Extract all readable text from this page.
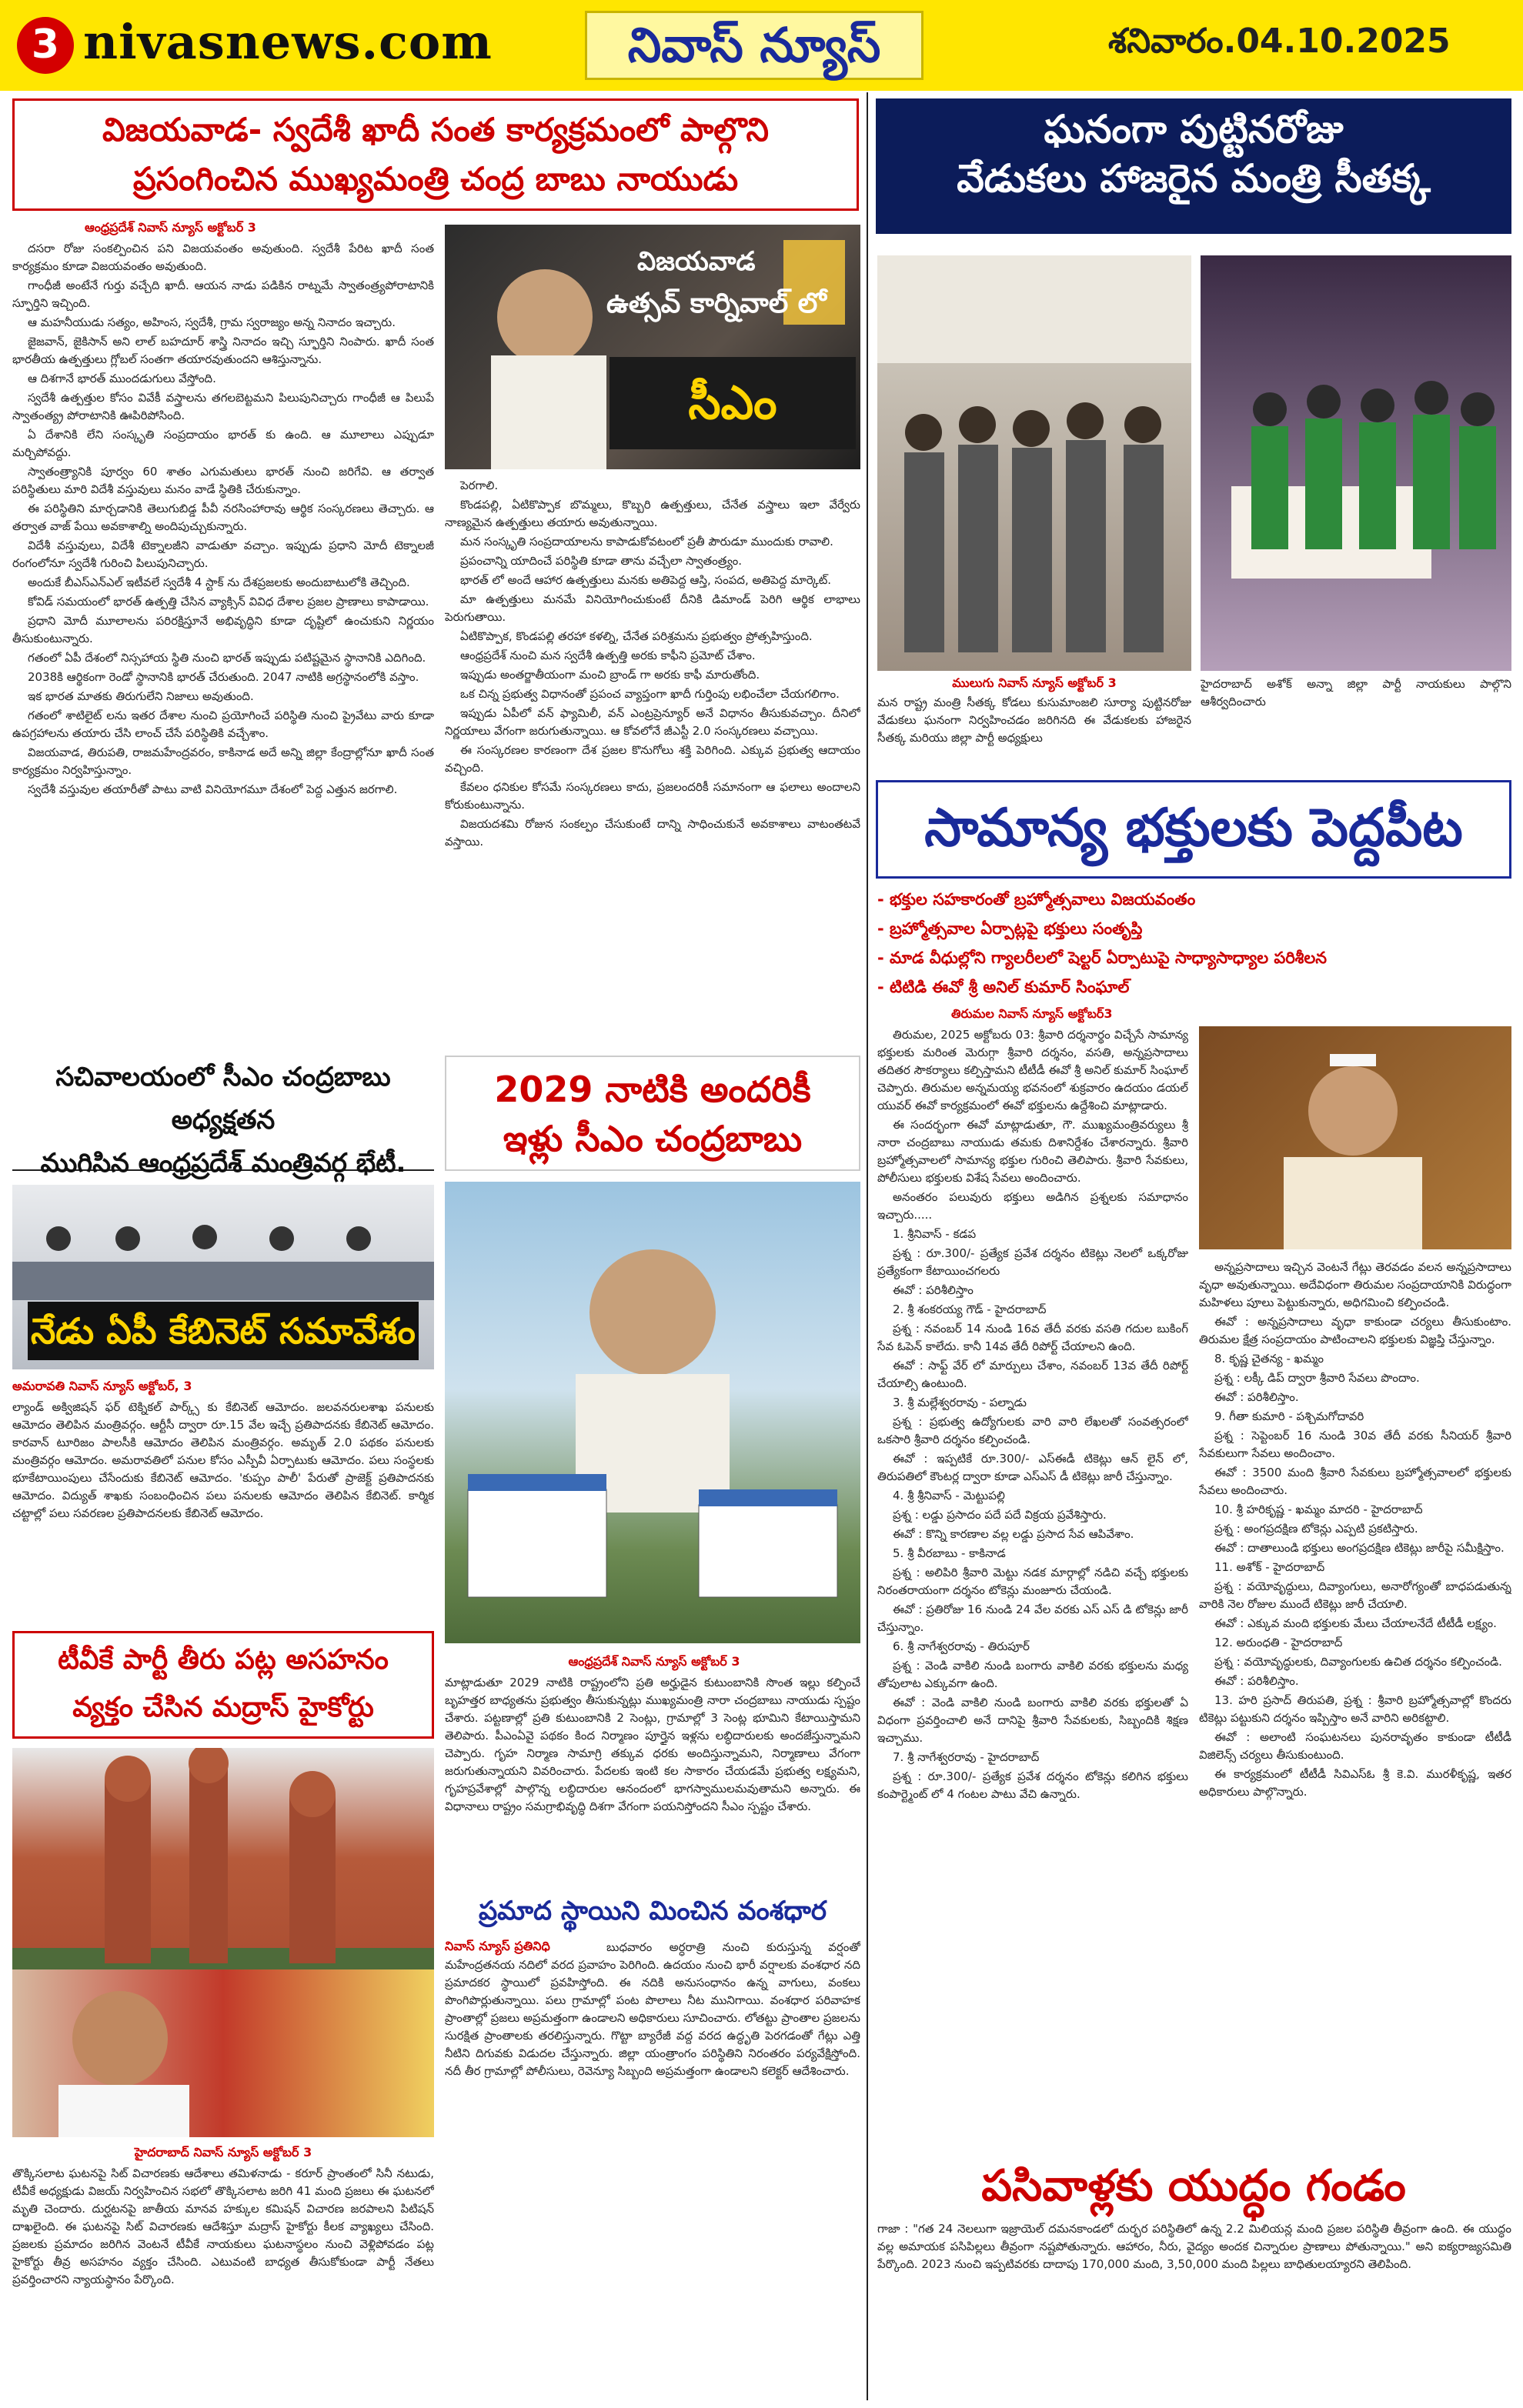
3 nivasnews.com	నివాస్ న్యూస్	శనివారం.04.10.2025
విజయవాడ- స్వదేశీ ఖాదీ సంత కార్యక్రమంలో పాల్గొని
ప్రసంగించిన ముఖ్యమంత్రి చంద్ర బాబు నాయుడు
ఆంధ్రప్రదేశ్ నివాస్ న్యూస్ అక్టోబర్ 3

దసరా రోజు సంకల్పించిన పని విజయవంతం అవుతుంది. స్వదేశీ పేరిట ఖాదీ సంత కార్యక్రమం కూడా విజయవంతం అవుతుంది.

గాంధీజీ అంటేనే గుర్తు వచ్చేది ఖాదీ. ఆయన నాడు పడికిన రాట్నమే స్వాతంత్ర్యపోరాటానికి స్ఫూర్తిని ఇచ్చింది.

ఆ మహనీయుడు సత్యం, అహింస, స్వదేశీ, గ్రామ స్వరాజ్యం అన్న నినాదం ఇచ్చారు.

జైజవాన్, జైకిసాన్ అని లాల్ బహదూర్ శాస్త్రి నినాదం ఇచ్చి స్ఫూర్తిని నింపారు. ఖాదీ సంత భారతీయ ఉత్పత్తులు గ్లోబల్ సంతగా తయారవుతుందని ఆశిస్తున్నాను.

ఆ దిశగానే భారత్ ముందడుగులు వేస్తోంది.

స్వదేశీ ఉత్పత్తుల కోసం వివేకీ వస్త్రాలను తగలబెట్టమని పిలుపునిచ్చారు గాంధీజీ ఆ పిలుపే స్వాతంత్య్ర పోరాటానికి ఊపిరిపోసింది.

ఏ దేశానికి లేని సంస్కృతి సంప్రదాయం భారత్ కు ఉంది. ఆ మూలాలు ఎప్పుడూ మర్చిపోవద్దు.

స్వాతంత్ర్యానికి పూర్వం 60 శాతం ఎగుమతులు భారత్ నుంచి జరిగేవి. ఆ తర్వాత పరిస్థితులు మారి విదేశీ వస్తువులు మనం వాడే స్థితికి చేరుకున్నాం.

ఈ పరిస్థితిని మార్చడానికి తెలుగుబిడ్డ పీవీ నరసింహారావు ఆర్థిక సంస్కరణలు తెచ్చారు. ఆ తర్వాత వాజ్ పేయి అవకాశాల్ని అందిపుచ్చుకున్నారు.

విదేశీ వస్తువులు, విదేశీ టెక్నాలజీని వాడుతూ వచ్చాం. ఇప్పుడు ప్రధాని మోదీ టెక్నాలజీ రంగంలోనూ స్వదేశీ గురించి పిలుపునిచ్చారు.

అందుకే బీఎస్ఎన్ఎల్ ఇటీవలే స్వదేశీ 4 స్టాక్ ను దేశప్రజలకు అందుబాటులోకి తెచ్చింది.

కోవిడ్ సమయంలో భారత్ ఉత్పత్తి చేసిన వ్యాక్సిన్ వివిధ దేశాల ప్రజల ప్రాణాలు కాపాడాయి.

ప్రధాని మోదీ మూలాలను పరిరక్షిస్తూనే అభివృద్ధిని కూడా దృష్టిలో ఉంచుకుని నిర్ణయం తీసుకుంటున్నారు.

గతంలో ఏపీ దేశంలో నిస్సహాయ స్థితి నుంచి భారత్ ఇప్పుడు పటిష్టమైన స్థానానికి ఎదిగింది.

2038కి ఆర్థికంగా రెండో స్థానానికి భారత్ చేరుతుంది. 2047 నాటికి అగ్రస్థానంలోకి వస్తాం.

ఇక భారత మాతకు తిరుగులేని నిజాలు అవుతుంది.

గతంలో శాటిలైట్ లను ఇతర దేశాల నుంచి ప్రయోగించే పరిస్థితి నుంచి ప్రైవేటు వారు కూడా ఉపగ్రహాలను తయారు చేసి లాంచ్ చేసే పరిస్థితికి వచ్చేశాం.

విజయవాడ, తిరుపతి, రాజమహేంద్రవరం, కాకినాడ అదే అన్ని జిల్లా కేంద్రాల్లోనూ ఖాదీ సంత కార్యక్రమం నిర్వహిస్తున్నాం.

స్వదేశీ వస్తువుల తయారీతో పాటు వాటి వినియోగమూ దేశంలో పెద్ద ఎత్తున జరగాలి.

విజయవాడ
ఉత్సవ్ కార్నివాల్ లో
సీఎం

పెరగాలి.

కొండపల్లి, ఏటికొప్పాక బొమ్మలు, కొబ్బరి ఉత్పత్తులు, చేనేత వస్త్రాలు ఇలా వేర్వేరు నాణ్యమైన ఉత్పత్తులు తయారు అవుతున్నాయి.

మన సంస్కృతి సంప్రదాయాలను కాపాడుకోవటంలో ప్రతీ పౌరుడూ ముందుకు రావాలి.

ప్రపంచాన్ని యాదించే పరిస్థితి కూడా తాను వచ్చేలా స్వాతంత్ర్యం.

భారత్ లో అందే ఆహార ఉత్పత్తులు మనకు అతిపెద్ద ఆస్తి, సంపద, అతిపెద్ద మార్కెట్.

మా ఉత్పత్తులు మనమే వినియోగించుకుంటే దీనికి డిమాండ్ పెరిగి ఆర్థిక లాభాలు పెరుగుతాయి.

ఏటికొప్పాక, కొండపల్లి తరహా కళల్ని, చేనేత పరిశ్రమను ప్రభుత్వం ప్రోత్సహిస్తుంది.

ఆంధ్రప్రదేశ్ నుంచి మన స్వదేశీ ఉత్పత్తి అరకు కాఫీని ప్రమోట్ చేశాం.

ఇప్పుడు అంతర్జాతీయంగా మంచి బ్రాండ్ గా అరకు కాఫీ మారుతోంది.

ఒక చిన్న ప్రభుత్వ విధానంతో ప్రపంచ వ్యాప్తంగా ఖాదీ గుర్తింపు లభించేలా చేయగలిగాం.

ఇప్పుడు ఏపీలో వన్ ఫ్యామిలీ, వన్ ఎంట్రప్రెన్యూర్ అనే విధానం తీసుకువచ్చాం. దీనిలో నిర్ణయాలు వేగంగా జరుగుతున్నాయి. ఆ కోవలోనే జీఎస్టీ 2.0 సంస్కరణలు వచ్చాయి.

ఈ సంస్కరణల కారణంగా దేశ ప్రజల కొనుగోలు శక్తి పెరిగింది. ఎక్కువ ప్రభుత్వ ఆదాయం వచ్చింది.

కేవలం ధనికుల కోసమే సంస్కరణలు కాదు, ప్రజలందరికీ సమానంగా ఆ ఫలాలు అందాలని కోరుకుంటున్నాను.

విజయదశమి రోజున సంకల్పం చేసుకుంటే దాన్ని సాధించుకునే అవకాశాలు వాటంతటవే వస్తాయి.

ఘనంగా పుట్టినరోజు
వేడుకలు హాజరైన మంత్రి సీతక్క
ములుగు నివాస్ న్యూస్ అక్టోబర్ 3
మన రాష్ట్ర మంత్రి సీతక్క కోడలు కుసుమాంజలి సూర్యా పుట్టినరోజు వేడుకలు ఘనంగా నిర్వహించడం జరిగినది ఈ వేడుకలకు హాజరైన సీతక్క మరియు జిల్లా పార్టీ అధ్యక్షులు
హైదరాబాద్ అశోక్ అన్నా జిల్లా పార్టీ నాయకులు పాల్గొని ఆశీర్వదించారు
సామాన్య భక్తులకు పెద్దపీట
- భక్తుల సహకారంతో బ్రహ్మోత్సవాలు విజయవంతం
- బ్రహ్మోత్సవాల ఏర్పాట్లపై భక్తులు సంతృప్తి
- మాడ వీధుల్లోని గ్యాలరీలలో షెల్టర్ ఏర్పాటుపై సాధ్యాసాధ్యాల పరిశీలన
- టిటిడి ఈవో శ్రీ అనిల్ కుమార్ సింఘాల్
తిరుమల నివాస్ న్యూస్ అక్టోబర్3

తిరుమల, 2025 అక్టోబరు 03: శ్రీవారి దర్శనార్థం విచ్చేసే సామాన్య భక్తులకు మరింత మెరుగ్గా శ్రీవారి దర్శనం, వసతి, అన్నప్రసాదాలు తదితర సౌకర్యాలు కల్పిస్తామని టీటీడీ ఈవో శ్రీ అనిల్ కుమార్ సింఘాల్ చెప్పారు. తిరుమల అన్నమయ్య భవనంలో శుక్రవారం ఉదయం డయల్ యువర్ ఈవో కార్యక్రమంలో ఈవో భక్తులను ఉద్దేశించి మాట్లాడారు.

ఈ సందర్భంగా ఈవో మాట్లాడుతూ, గౌ. ముఖ్యమంత్రివర్యులు శ్రీ నారా చంద్రబాబు నాయుడు తమకు దిశానిర్దేశం చేశారన్నారు. శ్రీవారి బ్రహ్మోత్సవాలలో సామాన్య భక్తుల గురించి తెలిపారు. శ్రీవారి సేవకులు, పోలీసులు భక్తులకు విశేష సేవలు అందించారు.

అనంతరం పలువురు భక్తులు అడిగిన ప్రశ్నలకు సమాధానం ఇచ్చారు.....

1. శ్రీనివాస్ - కడప

ప్రశ్న : రూ.300/- ప్రత్యేక ప్రవేశ దర్శనం టికెట్లు నెలలో ఒక్కరోజు ప్రత్యేకంగా కేటాయించగలరు

ఈవో : పరిశీలిస్తాం

2. శ్రీ శంకరయ్య గౌడ్ - హైదరాబాద్

ప్రశ్న : నవంబర్ 14 నుండి 16వ తేదీ వరకు వసతి గదుల బుకింగ్ సేవ ఓపెన్ కాలేదు. కానీ 14వ తేదీ రిపోర్ట్ చేయాలని ఉంది.

ఈవో : సాఫ్ట్ వేర్ లో మార్పులు చేశాం, నవంబర్ 13వ తేదీ రిపోర్ట్ చేయాల్సి ఉంటుంది.

3. శ్రీ మల్లేశ్వరరావు - పల్నాడు

ప్రశ్న : ప్రభుత్వ ఉద్యోగులకు వారి వారి లేఖలతో సంవత్సరంలో ఒకసారి శ్రీవారి దర్శనం కల్పించండి.

ఈవో : ఇప్పటికే రూ.300/- ఎస్ఈడీ టికెట్లు ఆన్ లైన్ లో, తిరుపతిలో కౌంటర్ల ద్వారా కూడా ఎస్ఎస్ డీ టికెట్లు జారీ చేస్తున్నాం.

4. శ్రీ శ్రీనివాస్ - మెట్టుపల్లి

ప్రశ్న : లడ్డు ప్రసాదం పదే పదే విక్రయ ప్రవేశిస్తారు.

ఈవో : కొన్ని కారణాల వల్ల లడ్డు ప్రసాద సేవ ఆపివేశాం.

5. శ్రీ వీరబాబు - కాకినాడ

ప్రశ్న : అలిపిరి శ్రీవారి మెట్టు నడక మార్గాల్లో నడిచి వచ్చే భక్తులకు నిరంతరాయంగా దర్శనం టోకెన్లు మంజూరు చేయండి.

ఈవో : ప్రతిరోజు 16 నుండి 24 వేల వరకు ఎస్ ఎస్ డి టోకెన్లు జారీ చేస్తున్నాం.

6. శ్రీ నాగేశ్వరరావు - తిరుపూర్

ప్రశ్న : వెండి వాకిలి నుండి బంగారు వాకిలి వరకు భక్తులను మధ్య తోపులాట ఎక్కువగా ఉంది.

ఈవో : వెండి వాకిలి నుండి బంగారు వాకిలి వరకు భక్తులతో ఏ విధంగా ప్రవర్తించాలి అనే దానిపై శ్రీవారి సేవకులకు, సిబ్బందికి శిక్షణ ఇచ్చాము.

7. శ్రీ నాగేశ్వరరావు - హైదరాబాద్

ప్రశ్న : రూ.300/- ప్రత్యేక ప్రవేశ దర్శనం టోకెన్లు కలిగిన భక్తులు కంపార్ట్మెంట్ లో 4 గంటల పాటు వేచి ఉన్నారు.

అన్నప్రసాదాలు ఇచ్చిన వెంటనే గేట్లు తెరవడం వలన అన్నప్రసాదాలు వృధా అవుతున్నాయి. అదేవిధంగా తిరుమల సంప్రదాయానికి విరుద్ధంగా మహిళలు పూలు పెట్టుకున్నారు, అధిగమించి కల్పించండి.

ఈవో : అన్నప్రసాదాలు వృధా కాకుండా చర్యలు తీసుకుంటాం. తిరుమల క్షేత్ర సంప్రదాయం పాటించాలని భక్తులకు విజ్ఞప్తి చేస్తున్నాం.

8. కృష్ణ చైతన్య - ఖమ్మం

ప్రశ్న : లక్కీ డిప్ ద్వారా శ్రీవారి సేవలు పొందాం.

ఈవో : పరిశీలిస్తాం.

9. గీతా కుమారి - పశ్చిమగోదావరి

ప్రశ్న : సెప్టెంబర్ 16 నుండి 30వ తేదీ వరకు సీనియర్ శ్రీవారి సేవకులుగా సేవలు అందించాం.

ఈవో : 3500 మంది శ్రీవారి సేవకులు బ్రహ్మోత్సవాలలో భక్తులకు సేవలు అందించారు.

10. శ్రీ హరికృష్ణ - ఖమ్మం మాదరి - హైదరాబాద్

ప్రశ్న : అంగప్రదక్షిణ టోకెన్లు ఎప్పటి ప్రకటిస్తారు.

ఈవో : దాతాలుండి భక్తులు అంగప్రదక్షిణ టికెట్లు జారీపై సమీక్షిస్తాం.

11. అశోక్ - హైదరాబాద్

ప్రశ్న : వయోవృద్ధులు, దివ్యాంగులు, అనారోగ్యంతో బాధపడుతున్న వారికి నెల రోజుల ముందే టికెట్లు జారీ చేయాలి.

ఈవో : ఎక్కువ మంది భక్తులకు మేలు చేయాలనేదే టీటీడీ లక్ష్యం.

12. అరుంధతి - హైదరాబాద్

ప్రశ్న : వయోవృద్ధులకు, దివ్యాంగులకు ఉచిత దర్శనం కల్పించండి.

ఈవో : పరిశీలిస్తాం.

13. హరి ప్రసాద్ తిరుపతి, ప్రశ్న : శ్రీవారి బ్రహ్మోత్సవాల్లో కొందరు టికెట్లు పట్టుకుని దర్శనం ఇప్పిస్తాం అనే వారిని అరికట్టాలి.

ఈవో : అలాంటి సంఘటనలు పునరావృతం కాకుండా టీటీడీ విజిలెన్స్ చర్యలు తీసుకుంటుంది.

ఈ కార్యక్రమంలో టీటీడీ సివిఎస్ఓ శ్రీ కె.వి. మురళీకృష్ణ, ఇతర అధికారులు పాల్గొన్నారు.

పసివాళ్లకు యుద్ధం గండం
గాజా : "గత 24 నెలలుగా ఇజ్రాయెల్ దమనకాండలో దుర్భర పరిస్థితిలో ఉన్న 2.2 మిలియన్ల మంది ప్రజల పరిస్థితి తీవ్రంగా ఉంది. ఈ యుద్ధం వల్ల అమాయక పసిపిల్లలు తీవ్రంగా నష్టపోతున్నారు. ఆహారం, నీరు, వైద్యం అందక చిన్నారుల ప్రాణాలు పోతున్నాయి." అని ఐక్యరాజ్యసమితి పేర్కొంది. 2023 నుంచి ఇప్పటివరకు దాదాపు 170,000 మంది, 3,50,000 మంది పిల్లలు బాధితులయ్యారని తెలిపింది.
సచివాలయంలో సీఎం చంద్రబాబు అధ్యక్షతన
ముగిసిన ఆంధ్రప్రదేశ్ మంత్రివర్గ భేటీ.
నేడు ఏపీ కేబినెట్ సమావేశం
అమరావతి నివాస్ న్యూస్ అక్టోబర్, 3
ల్యాండ్ అక్విజిషన్ ఫర్ టెక్నికల్ పార్క్స్ కు కేబినెట్ ఆమోదం. జలవనరులశాఖ పనులకు ఆమోదం తెలిపిన మంత్రివర్గం. ఆర్టీసీ ద్వారా రూ.15 వేల ఇచ్చే ప్రతిపాదనకు కేబినెట్ ఆమోదం. కారవాన్ టూరిజం పాలసీకి ఆమోదం తెలిపిన మంత్రివర్గం. అమృత్ 2.0 పథకం పనులకు మంత్రివర్గం ఆమోదం. అమరావతిలో పనుల కోసం ఎస్పీవీ ఏర్పాటుకు ఆమోదం. పలు సంస్థలకు భూకేటాయింపులు చేసేందుకు కేబినెట్ ఆమోదం. 'కుప్పం పాలీ' పేరుతో ప్రాజెక్ట్ ప్రతిపాదనకు ఆమోదం. విద్యుత్ శాఖకు సంబంధించిన పలు పనులకు ఆమోదం తెలిపిన కేబినెట్. కార్మిక చట్టాల్లో పలు సవరణల ప్రతిపాదనలకు కేబినెట్ ఆమోదం.
2029 నాటికి అందరికీ
ఇళ్లు సీఎం చంద్రబాబు
ఆంధ్రప్రదేశ్ నివాస్ న్యూస్ అక్టోబర్ 3
మాట్లాడుతూ 2029 నాటికి రాష్ట్రంలోని ప్రతి అర్హుడైన కుటుంబానికి సొంత ఇల్లు కల్పించే బృహత్తర బాధ్యతను ప్రభుత్వం తీసుకున్నట్లు ముఖ్యమంత్రి నారా చంద్రబాబు నాయుడు స్పష్టం చేశారు. పట్టణాల్లో ప్రతి కుటుంబానికి 2 సెంట్లు, గ్రామాల్లో 3 సెంట్ల భూమిని కేటాయిస్తామని తెలిపారు. పీఎంఏవై పథకం కింద నిర్మాణం పూర్తైన ఇళ్లను లబ్ధిదారులకు అందజేస్తున్నామని చెప్పారు. గృహ నిర్మాణ సామాగ్రి తక్కువ ధరకు అందిస్తున్నామని, నిర్మాణాలు వేగంగా జరుగుతున్నాయని వివరించారు. పేదలకు ఇంటి కల సాకారం చేయడమే ప్రభుత్వ లక్ష్యమని, గృహప్రవేశాల్లో పాల్గొన్న లబ్ధిదారుల ఆనందంలో భాగస్వాములమవుతామని అన్నారు. ఈ విధానాలు రాష్ట్రం సమగ్రాభివృద్ధి దిశగా వేగంగా పయనిస్తోందని సీఎం స్పష్టం చేశారు.
ప్రమాద స్థాయిని మించిన వంశధార
నివాస్ న్యూస్ ప్రతినిధి	బుధవారం అర్ధరాత్రి నుంచి కురుస్తున్న వర్షంతో మహేంద్రతనయ నదిలో వరద ప్రవాహం పెరిగింది. ఉదయం నుంచి భారీ వర్షాలకు వంశధార నది ప్రమాదకర స్థాయిలో ప్రవహిస్తోంది. ఈ నదికి అనుసంధానం ఉన్న వాగులు, వంకలు పొంగిపొర్లుతున్నాయి. పలు గ్రామాల్లో పంట పొలాలు నీట మునిగాయి. వంశధార పరివాహక ప్రాంతాల్లో ప్రజలు అప్రమత్తంగా ఉండాలని అధికారులు సూచించారు. లోతట్టు ప్రాంతాల ప్రజలను సురక్షిత ప్రాంతాలకు తరలిస్తున్నారు. గొట్టా బ్యారేజీ వద్ద వరద ఉద్ధృతి పెరగడంతో గేట్లు ఎత్తి నీటిని దిగువకు విడుదల చేస్తున్నారు. జిల్లా యంత్రాంగం పరిస్థితిని నిరంతరం పర్యవేక్షిస్తోంది. నదీ తీర గ్రామాల్లో పోలీసులు, రెవెన్యూ సిబ్బంది అప్రమత్తంగా ఉండాలని కలెక్టర్ ఆదేశించారు.
టీవీకే పార్టీ తీరు పట్ల అసహనం
వ్యక్తం చేసిన మద్రాస్ హైకోర్టు
హైదరాబాద్ నివాస్ న్యూస్ అక్టోబర్ 3
తొక్కిసలాట ఘటనపై సిట్ విచారణకు ఆదేశాలు తమిళనాడు - కరూర్ ప్రాంతంలో సినీ నటుడు, టీవీకే అధ్యక్షుడు విజయ్ నిర్వహించిన సభలో తొక్కిసలాట జరిగి 41 మంది ప్రజలు ఈ ఘటనలో మృతి చెందారు. దుర్ఘటనపై జాతీయ మానవ హక్కుల కమిషన్ విచారణ జరపాలని పిటిషన్ దాఖలైంది. ఈ ఘటనపై సిట్ విచారణకు ఆదేశిస్తూ మద్రాస్ హైకోర్టు కీలక వ్యాఖ్యలు చేసింది. ప్రజలకు ప్రమాదం జరిగిన వెంటనే టీవీకే నాయకులు ఘటనాస్థలం నుంచి వెళ్లిపోవడం పట్ల హైకోర్టు తీవ్ర అసహనం వ్యక్తం చేసింది. ఎటువంటి బాధ్యత తీసుకోకుండా పార్టీ నేతలు ప్రవర్తించారని న్యాయస్థానం పేర్కొంది.
